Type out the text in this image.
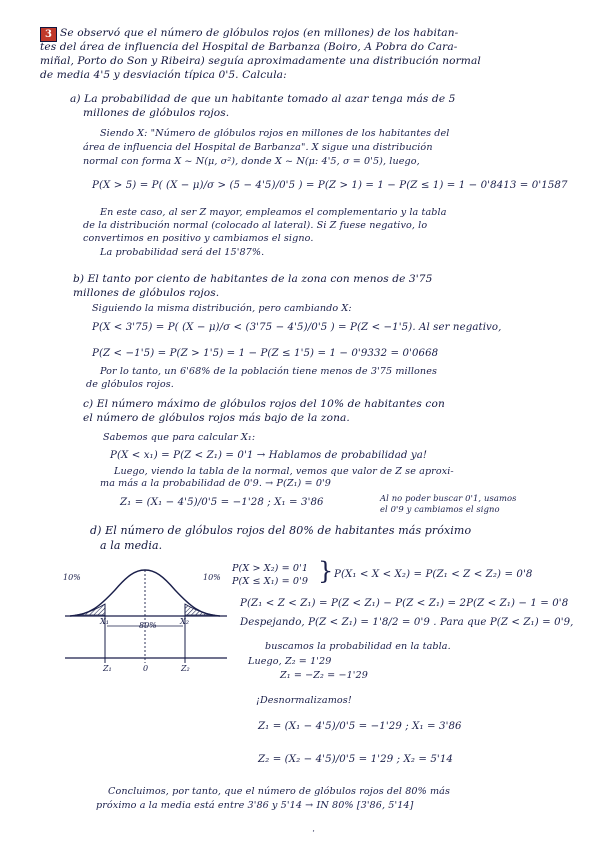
3 Se observó que el número de glóbulos rojos (en millones) de los habitan-
tes del área de influencia del Hospital de Barbanza (Boiro, A Pobra do Cara-
miñal, Porto do Son y Ribeira) seguía aproximadamente una distribución normal
de media 4'5 y desviación típica 0'5. Calcula:
a) La probabilidad de que un habitante tomado al azar tenga más de 5
millones de glóbulos rojos.
Siendo X: "Número de glóbulos rojos en millones de los habitantes del
área de influencia del Hospital de Barbanza". X sigue una distribución
normal con forma X ~ N(μ, σ²), donde X ~ N(μ: 4'5, σ = 0'5), luego,
P(X > 5) = P( (X − μ)/σ > (5 − 4'5)/0'5 ) = P(Z > 1) = 1 − P(Z ≤ 1) = 1 − 0'8413 = 0'1587
En este caso, al ser Z mayor, empleamos el complementario y la tabla
de la distribución normal (colocado al lateral). Si Z fuese negativo, lo
convertimos en positivo y cambiamos el signo.
La probabilidad será del 15'87%.
b) El tanto por ciento de habitantes de la zona con menos de 3'75
millones de glóbulos rojos.
Siguiendo la misma distribución, pero cambiando X:
P(X < 3'75) = P( (X − μ)/σ < (3'75 − 4'5)/0'5 ) = P(Z < −1'5). Al ser negativo,
P(Z < −1'5) = P(Z > 1'5) = 1 − P(Z ≤ 1'5) = 1 − 0'9332 = 0'0668
Por lo tanto, un 6'68% de la población tiene menos de 3'75 millones
de glóbulos rojos.
c) El número máximo de glóbulos rojos del 10% de habitantes con
el número de glóbulos rojos más bajo de la zona.
Sabemos que para calcular X₁:
P(X < x₁) = P(Z < Z₁) = 0'1 → Hablamos de probabilidad ya!
Luego, viendo la tabla de la normal, vemos que valor de Z se aproxi-
ma más a la probabilidad de 0'9. → P(Z₁) = 0'9
Z₁ = (X₁ − 4'5)/0'5 = −1'28 ; X₁ = 3'86	Al no poder buscar 0'1, usamos
el 0'9 y cambiamos el signo
d) El número de glóbulos rojos del 80% de habitantes más próximo
a la media.
10%	10%
80%
X₁	X₂
Z₁	0	Z₂
P(X > X₂) = 0'1
P(X ≤ X₁) = 0'9 } P(X₁ < X < X₂) = P(Z₁ < Z < Z₂) = 0'8
P(Z₁ < Z < Z₁) = P(Z < Z₁) − P(Z < Z₁) = 2P(Z < Z₁) − 1 = 0'8
Despejando, P(Z < Z₁) = 1'8/2 = 0'9 . Para que P(Z < Z₁) = 0'9,
buscamos la probabilidad en la tabla.
Luego, Z₂ = 1'29
Z₁ = −Z₂ = −1'29
¡Desnormalizamos!
Z₁ = (X₁ − 4'5)/0'5 = −1'29 ; X₁ = 3'86
Z₂ = (X₂ − 4'5)/0'5 = 1'29 ; X₂ = 5'14
Concluimos, por tanto, que el número de glóbulos rojos del 80% más
próximo a la media está entre 3'86 y 5'14 → IN 80% [3'86, 5'14]
·
